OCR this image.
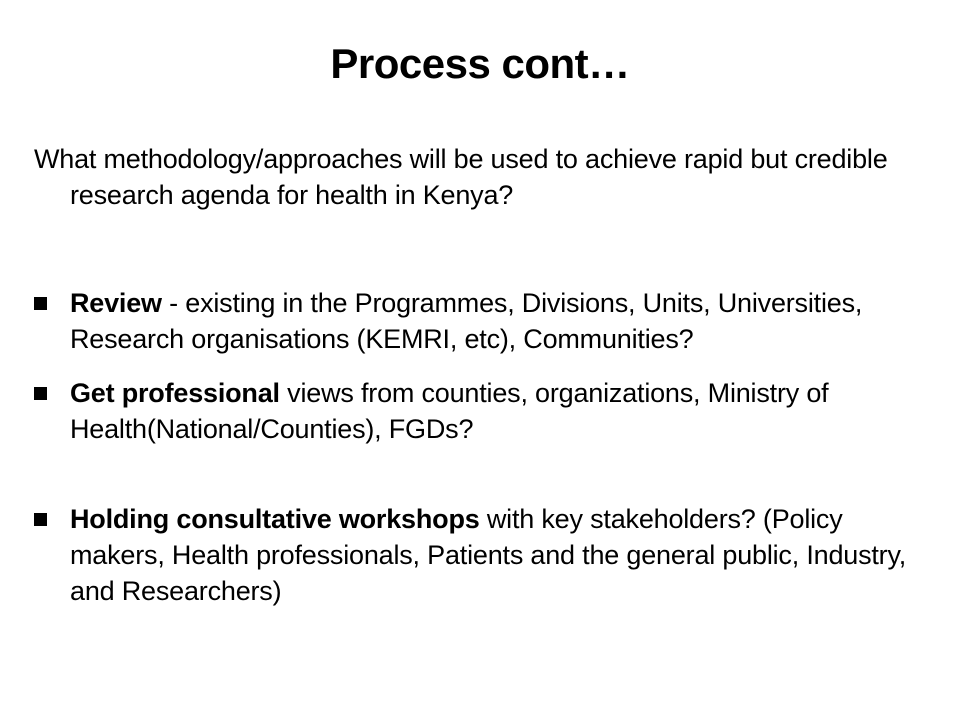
Process cont…

What methodology/approaches will be used to achieve rapid but credible research agenda for health in Kenya?

Review - existing in the Programmes, Divisions, Units, Universities, Research organisations (KEMRI, etc), Communities?
Get professional views from counties, organizations, Ministry of Health(National/Counties), FGDs?
Holding consultative workshops with key stakeholders? (Policy makers, Health professionals, Patients and the general public, Industry, and Researchers)
